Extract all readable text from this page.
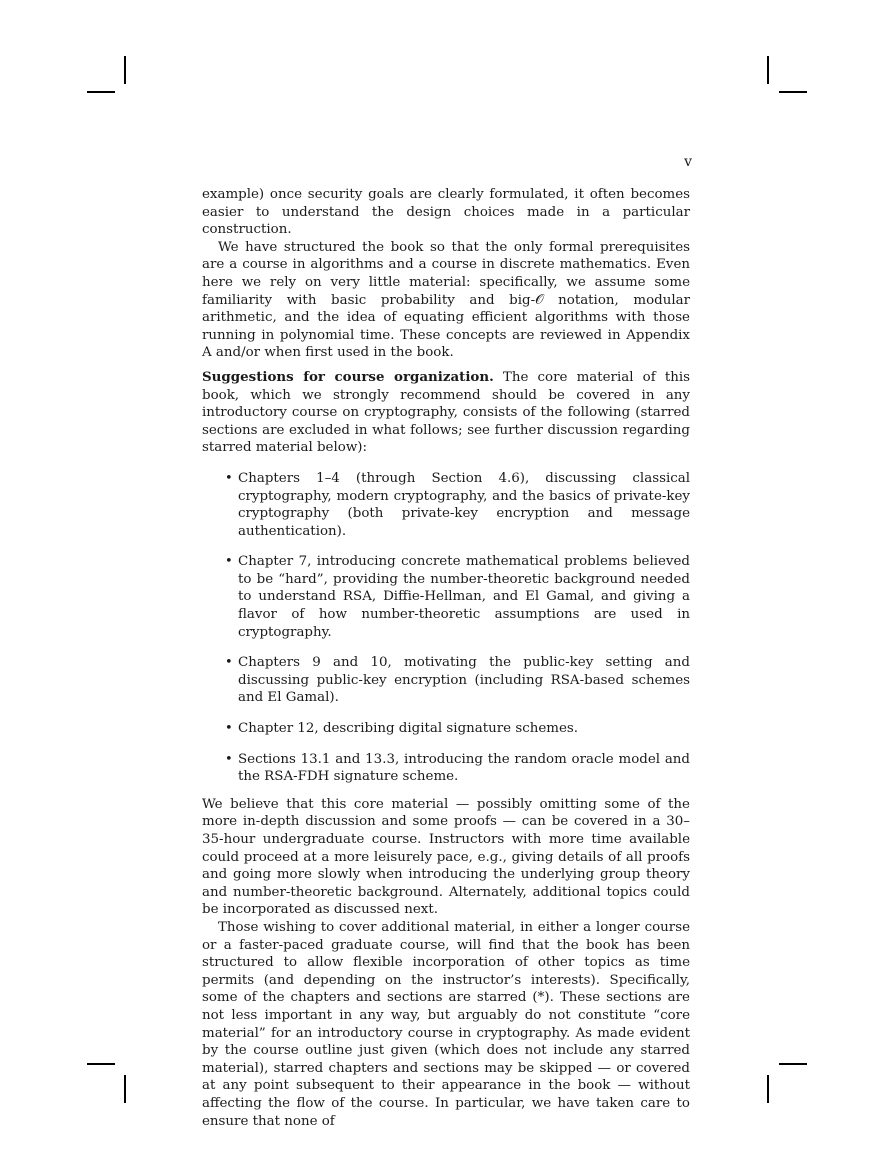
v

example) once security goals are clearly formulated, it often becomes easier to understand the design choices made in a particular construction.

We have structured the book so that the only formal prerequisites are a course in algorithms and a course in discrete mathematics. Even here we rely on very little material: specifically, we assume some familiarity with basic probability and big-𝒪 notation, modular arithmetic, and the idea of equating efficient algorithms with those running in polynomial time. These concepts are reviewed in Appendix A and/or when first used in the book.

Suggestions for course organization. The core material of this book, which we strongly recommend should be covered in any introductory course on cryptography, consists of the following (starred sections are excluded in what follows; see further discussion regarding starred material below):

• Chapters 1–4 (through Section 4.6), discussing classical cryptography, modern cryptography, and the basics of private-key cryptography (both private-key encryption and message authentication).
• Chapter 7, introducing concrete mathematical problems believed to be “hard”, providing the number-theoretic background needed to understand RSA, Diffie-Hellman, and El Gamal, and giving a flavor of how number-theoretic assumptions are used in cryptography.
• Chapters 9 and 10, motivating the public-key setting and discussing public-key encryption (including RSA-based schemes and El Gamal).
• Chapter 12, describing digital signature schemes.
• Sections 13.1 and 13.3, introducing the random oracle model and the RSA-FDH signature scheme.

We believe that this core material — possibly omitting some of the more in-depth discussion and some proofs — can be covered in a 30–35-hour undergraduate course. Instructors with more time available could proceed at a more leisurely pace, e.g., giving details of all proofs and going more slowly when introducing the underlying group theory and number-theoretic background. Alternately, additional topics could be incorporated as discussed next.

Those wishing to cover additional material, in either a longer course or a faster-paced graduate course, will find that the book has been structured to allow flexible incorporation of other topics as time permits (and depending on the instructor’s interests). Specifically, some of the chapters and sections are starred (*). These sections are not less important in any way, but arguably do not constitute “core material” for an introductory course in cryptography. As made evident by the course outline just given (which does not include any starred material), starred chapters and sections may be skipped — or covered at any point subsequent to their appearance in the book — without affecting the flow of the course. In particular, we have taken care to ensure that none of
